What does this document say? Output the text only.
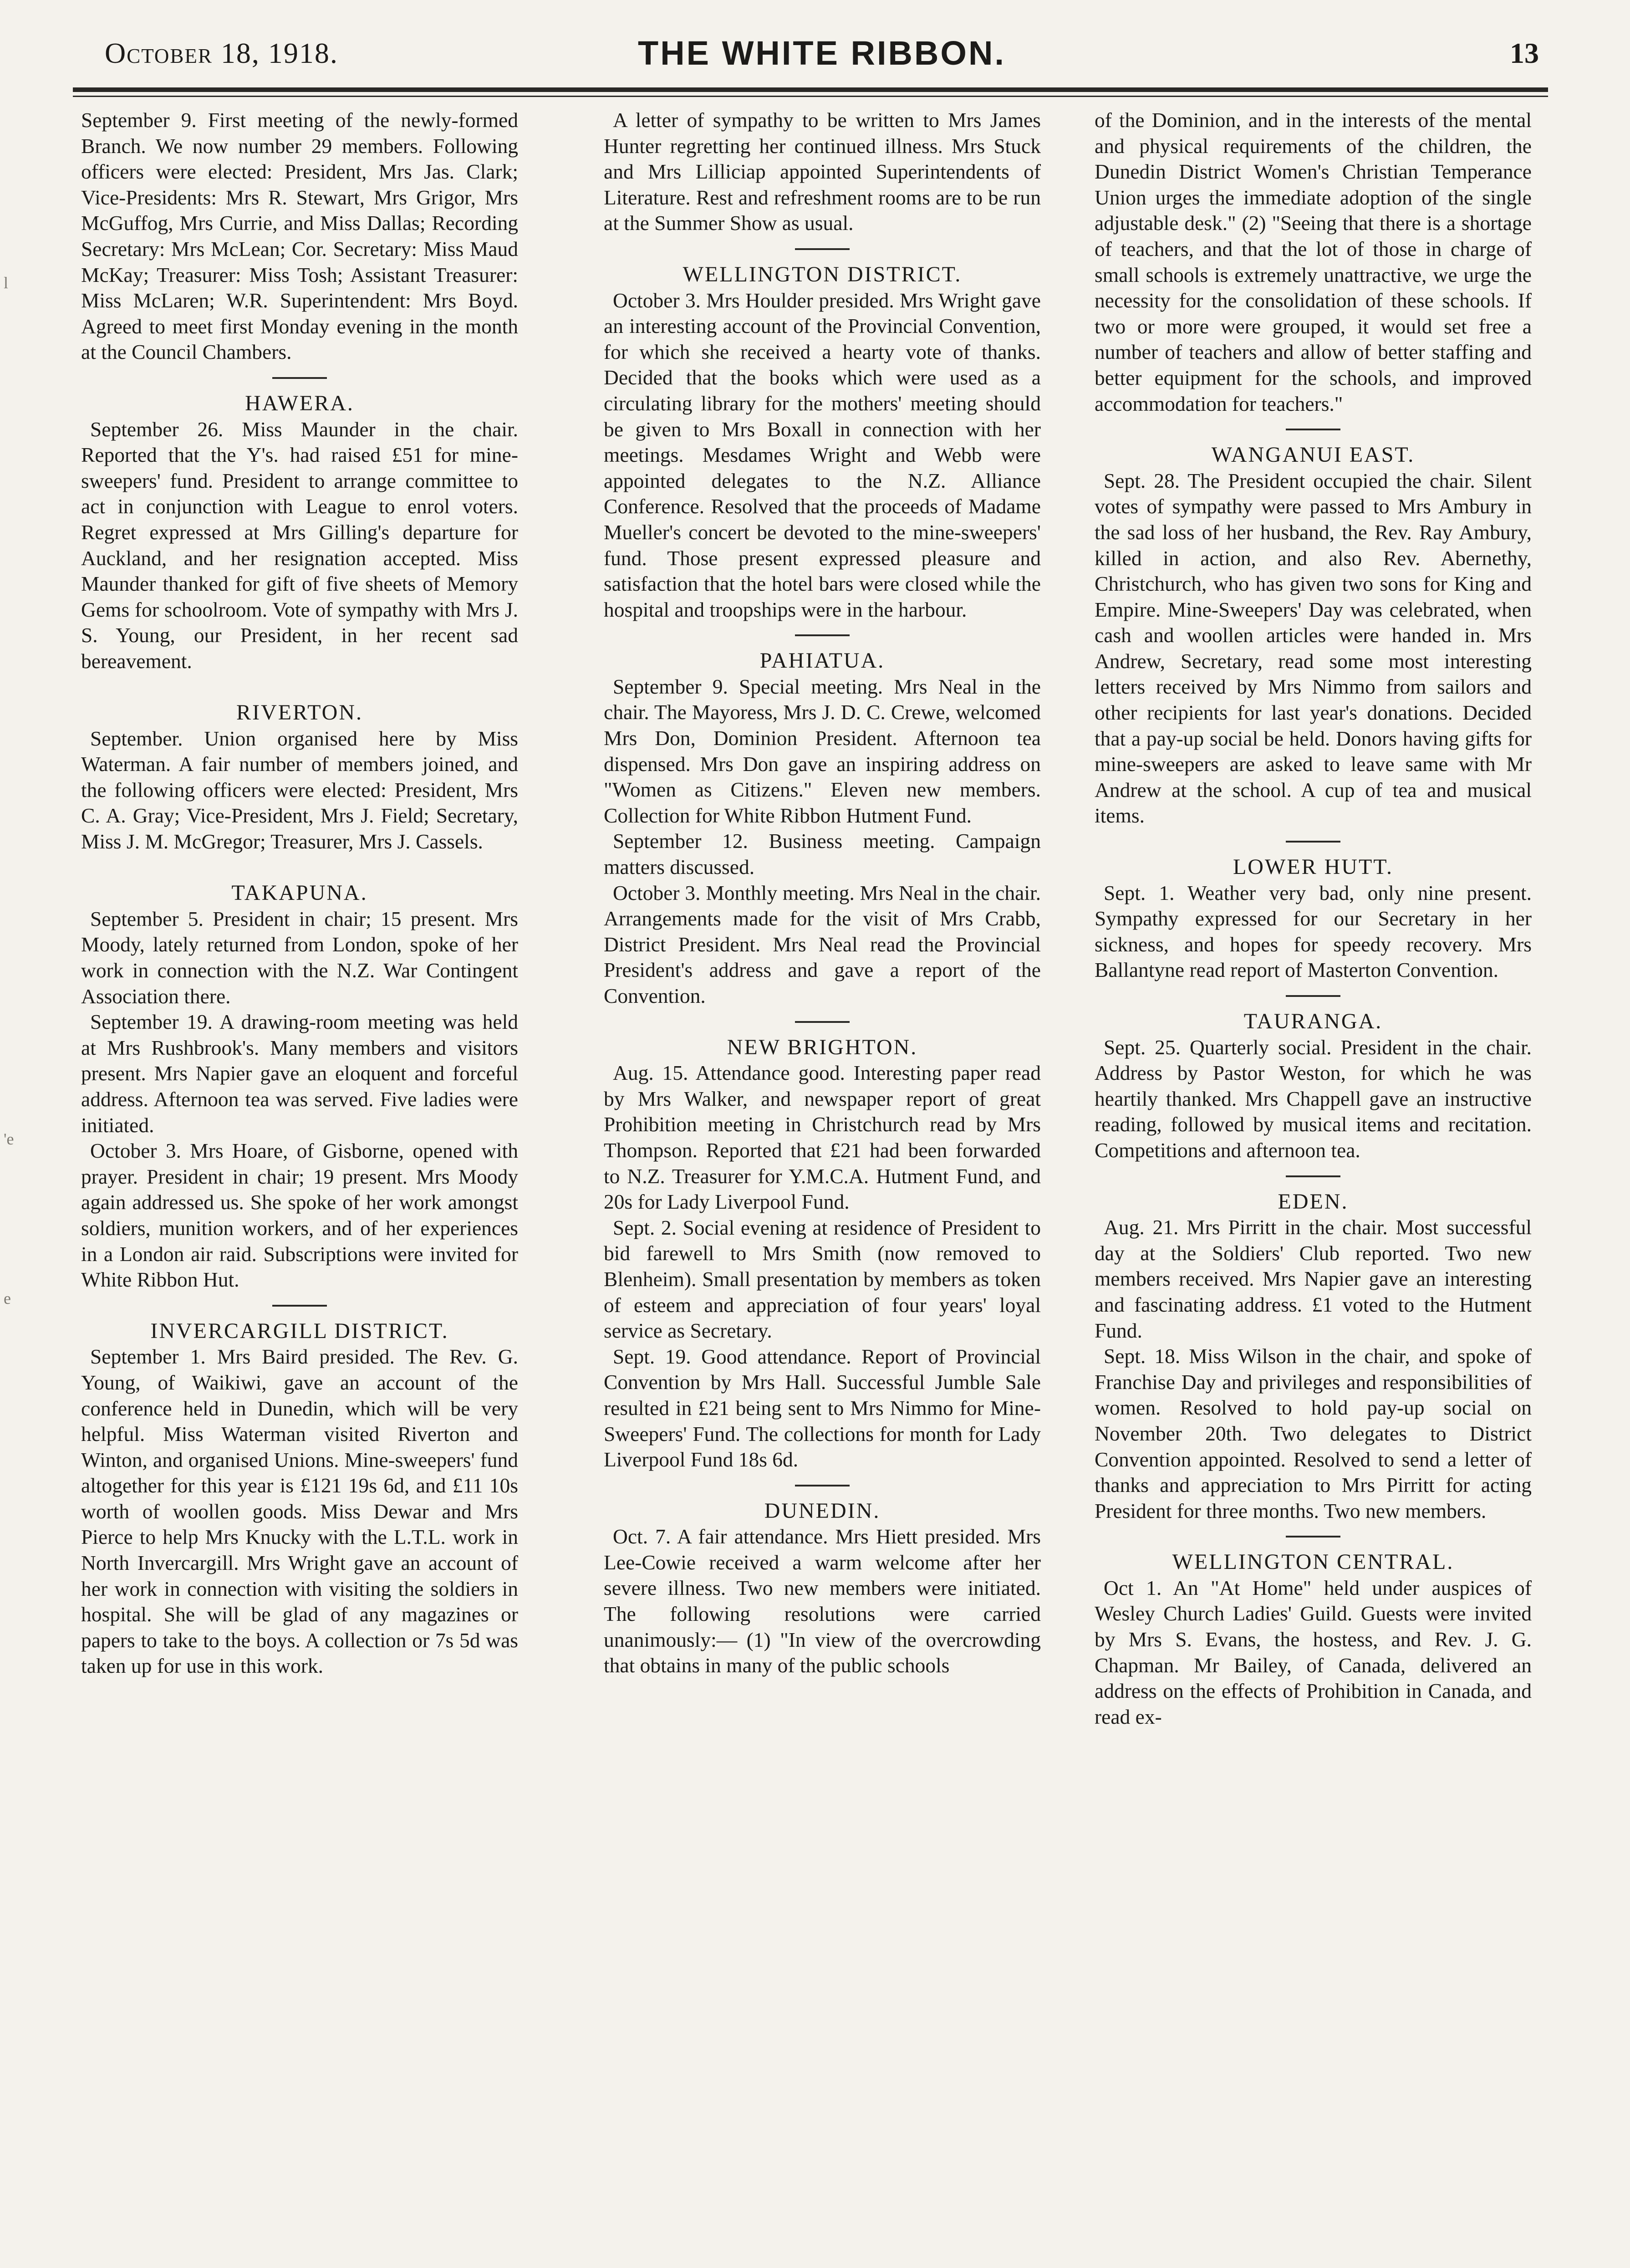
October 18, 1918.	THE WHITE RIBBON.	13
l
'e
e

September 9. First meeting of the newly-formed Branch. We now number 29 members. Following officers were elected: President, Mrs Jas. Clark; Vice-Presidents: Mrs R. Stewart, Mrs Grigor, Mrs McGuffog, Mrs Currie, and Miss Dallas; Recording Secretary: Mrs McLean; Cor. Secretary: Miss Maud McKay; Treasurer: Miss Tosh; Assistant Treasurer: Miss McLaren; W.R. Superintendent: Mrs Boyd. Agreed to meet first Monday evening in the month at the Council Chambers.

HAWERA.

September 26. Miss Maunder in the chair. Reported that the Y's. had raised £51 for mine-sweepers' fund. President to arrange committee to act in conjunction with League to enrol voters. Regret expressed at Mrs Gilling's departure for Auckland, and her resignation accepted. Miss Maunder thanked for gift of five sheets of Memory Gems for schoolroom. Vote of sympathy with Mrs J. S. Young, our President, in her recent sad bereavement.

RIVERTON.

September. Union organised here by Miss Waterman. A fair number of members joined, and the following officers were elected: President, Mrs C. A. Gray; Vice-President, Mrs J. Field; Secretary, Miss J. M. McGregor; Treasurer, Mrs J. Cassels.

TAKAPUNA.

September 5. President in chair; 15 present. Mrs Moody, lately returned from London, spoke of her work in connection with the N.Z. War Contingent Association there.

September 19. A drawing-room meeting was held at Mrs Rushbrook's. Many members and visitors present. Mrs Napier gave an eloquent and forceful address. Afternoon tea was served. Five ladies were initiated.

October 3. Mrs Hoare, of Gisborne, opened with prayer. President in chair; 19 present. Mrs Moody again addressed us. She spoke of her work amongst soldiers, munition workers, and of her experiences in a London air raid. Subscriptions were invited for White Ribbon Hut.

INVERCARGILL DISTRICT.

September 1. Mrs Baird presided. The Rev. G. Young, of Waikiwi, gave an account of the conference held in Dunedin, which will be very helpful. Miss Waterman visited Riverton and Winton, and organised Unions. Mine-sweepers' fund altogether for this year is £121 19s 6d, and £11 10s worth of woollen goods. Miss Dewar and Mrs Pierce to help Mrs Knucky with the L.T.L. work in North Invercargill. Mrs Wright gave an account of her work in connection with visiting the soldiers in hospital. She will be glad of any magazines or papers to take to the boys. A collection or 7s 5d was taken up for use in this work.

A letter of sympathy to be written to Mrs James Hunter regretting her continued illness. Mrs Stuck and Mrs Lilliciap appointed Superintendents of Literature. Rest and refreshment rooms are to be run at the Summer Show as usual.

WELLINGTON DISTRICT.

October 3. Mrs Houlder presided. Mrs Wright gave an interesting account of the Provincial Convention, for which she received a hearty vote of thanks. Decided that the books which were used as a circulating library for the mothers' meeting should be given to Mrs Boxall in connection with her meetings. Mesdames Wright and Webb were appointed delegates to the N.Z. Alliance Conference. Resolved that the proceeds of Madame Mueller's concert be devoted to the mine-sweepers' fund. Those present expressed pleasure and satisfaction that the hotel bars were closed while the hospital and troopships were in the harbour.

PAHIATUA.

September 9. Special meeting. Mrs Neal in the chair. The Mayoress, Mrs J. D. C. Crewe, welcomed Mrs Don, Dominion President. Afternoon tea dispensed. Mrs Don gave an inspiring address on "Women as Citizens." Eleven new members. Collection for White Ribbon Hutment Fund.

September 12. Business meeting. Campaign matters discussed.

October 3. Monthly meeting. Mrs Neal in the chair. Arrangements made for the visit of Mrs Crabb, District President. Mrs Neal read the Provincial President's address and gave a report of the Convention.

NEW BRIGHTON.

Aug. 15. Attendance good. Interesting paper read by Mrs Walker, and newspaper report of great Prohibition meeting in Christchurch read by Mrs Thompson. Reported that £21 had been forwarded to N.Z. Treasurer for Y.M.C.A. Hutment Fund, and 20s for Lady Liverpool Fund.

Sept. 2. Social evening at residence of President to bid farewell to Mrs Smith (now removed to Blenheim). Small presentation by members as token of esteem and appreciation of four years' loyal service as Secretary.

Sept. 19. Good attendance. Report of Provincial Convention by Mrs Hall. Successful Jumble Sale resulted in £21 being sent to Mrs Nimmo for Mine-Sweepers' Fund. The collections for month for Lady Liverpool Fund 18s 6d.

DUNEDIN.

Oct. 7. A fair attendance. Mrs Hiett presided. Mrs Lee-Cowie received a warm welcome after her severe illness. Two new members were initiated. The following resolutions were carried unanimously:— (1) "In view of the overcrowding that obtains in many of the public schools

of the Dominion, and in the interests of the mental and physical requirements of the children, the Dunedin District Women's Christian Temperance Union urges the immediate adoption of the single adjustable desk." (2) "Seeing that there is a shortage of teachers, and that the lot of those in charge of small schools is extremely unattractive, we urge the necessity for the consolidation of these schools. If two or more were grouped, it would set free a number of teachers and allow of better staffing and better equipment for the schools, and improved accommodation for teachers."

WANGANUI EAST.

Sept. 28. The President occupied the chair. Silent votes of sympathy were passed to Mrs Ambury in the sad loss of her husband, the Rev. Ray Ambury, killed in action, and also Rev. Abernethy, Christchurch, who has given two sons for King and Empire. Mine-Sweepers' Day was celebrated, when cash and woollen articles were handed in. Mrs Andrew, Secretary, read some most interesting letters received by Mrs Nimmo from sailors and other recipients for last year's donations. Decided that a pay-up social be held. Donors having gifts for mine-sweepers are asked to leave same with Mr Andrew at the school. A cup of tea and musical items.

LOWER HUTT.

Sept. 1. Weather very bad, only nine present. Sympathy expressed for our Secretary in her sickness, and hopes for speedy recovery. Mrs Ballantyne read report of Masterton Convention.

TAURANGA.

Sept. 25. Quarterly social. President in the chair. Address by Pastor Weston, for which he was heartily thanked. Mrs Chappell gave an instructive reading, followed by musical items and recitation. Competitions and afternoon tea.

EDEN.

Aug. 21. Mrs Pirritt in the chair. Most successful day at the Soldiers' Club reported. Two new members received. Mrs Napier gave an interesting and fascinating address. £1 voted to the Hutment Fund.

Sept. 18. Miss Wilson in the chair, and spoke of Franchise Day and privileges and responsibilities of women. Resolved to hold pay-up social on November 20th. Two delegates to District Convention appointed. Resolved to send a letter of thanks and appreciation to Mrs Pirritt for acting President for three months. Two new members.

WELLINGTON CENTRAL.

Oct 1. An "At Home" held under auspices of Wesley Church Ladies' Guild. Guests were invited by Mrs S. Evans, the hostess, and Rev. J. G. Chapman. Mr Bailey, of Canada, delivered an address on the effects of Prohibition in Canada, and read ex-
